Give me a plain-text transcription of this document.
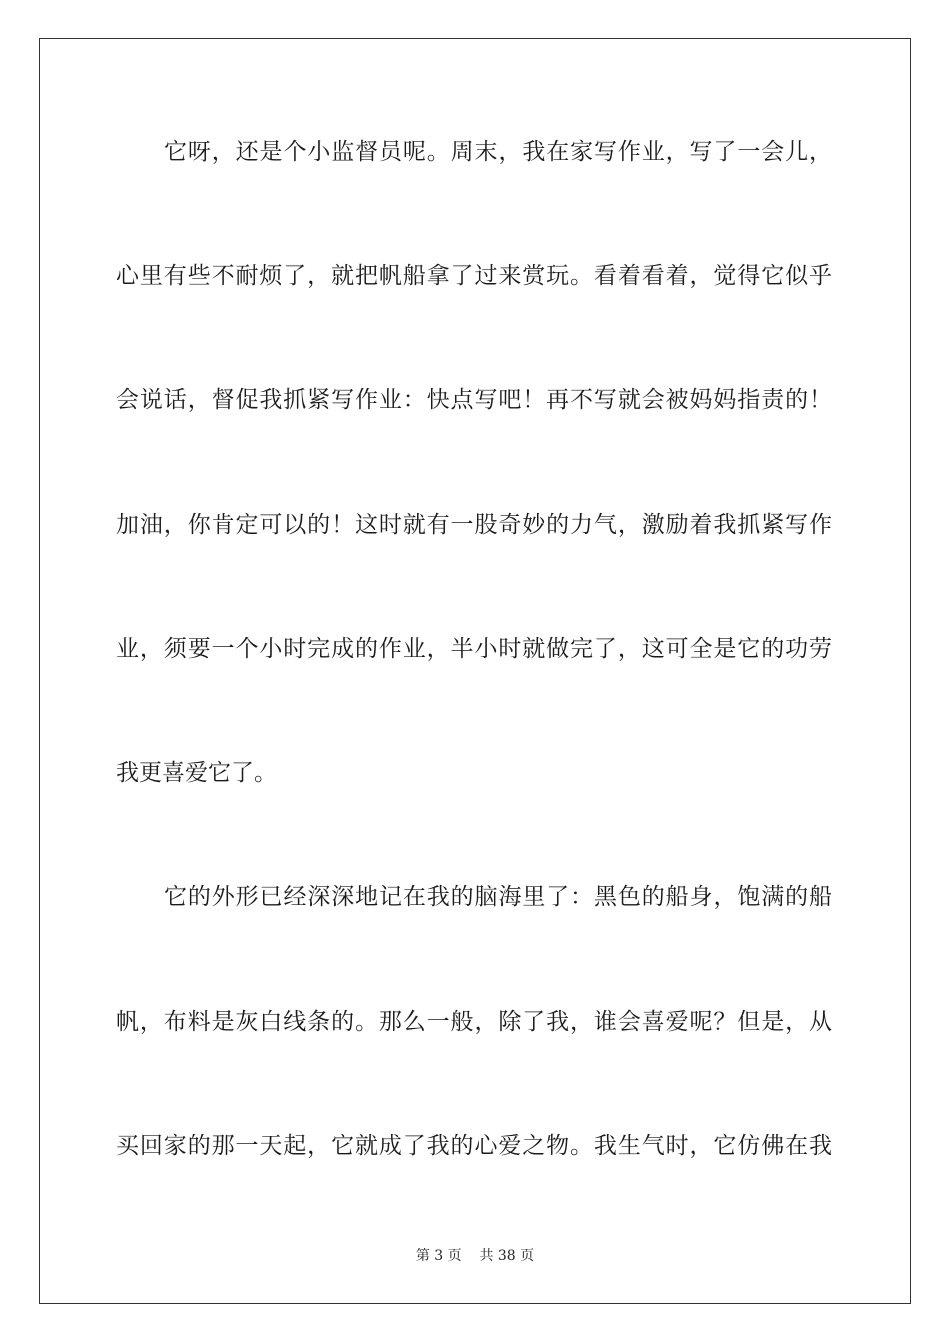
它呀，还是个小监督员呢。周末，我在家写作业，写了一会儿，
心里有些不耐烦了，就把帆船拿了过来赏玩。看着看着，觉得它似乎
会说话，督促我抓紧写作业：快点写吧！再不写就会被妈妈指责的！
加油，你肯定可以的！这时就有一股奇妙的力气，激励着我抓紧写作
业，须要一个小时完成的作业，半小时就做完了，这可全是它的功劳
我更喜爱它了。
它的外形已经深深地记在我的脑海里了：黑色的船身，饱满的船
帆，布料是灰白线条的。那么一般，除了我，谁会喜爱呢？但是，从
买回家的那一天起，它就成了我的心爱之物。我生气时，它仿佛在我
第 3 页 共 38 页
